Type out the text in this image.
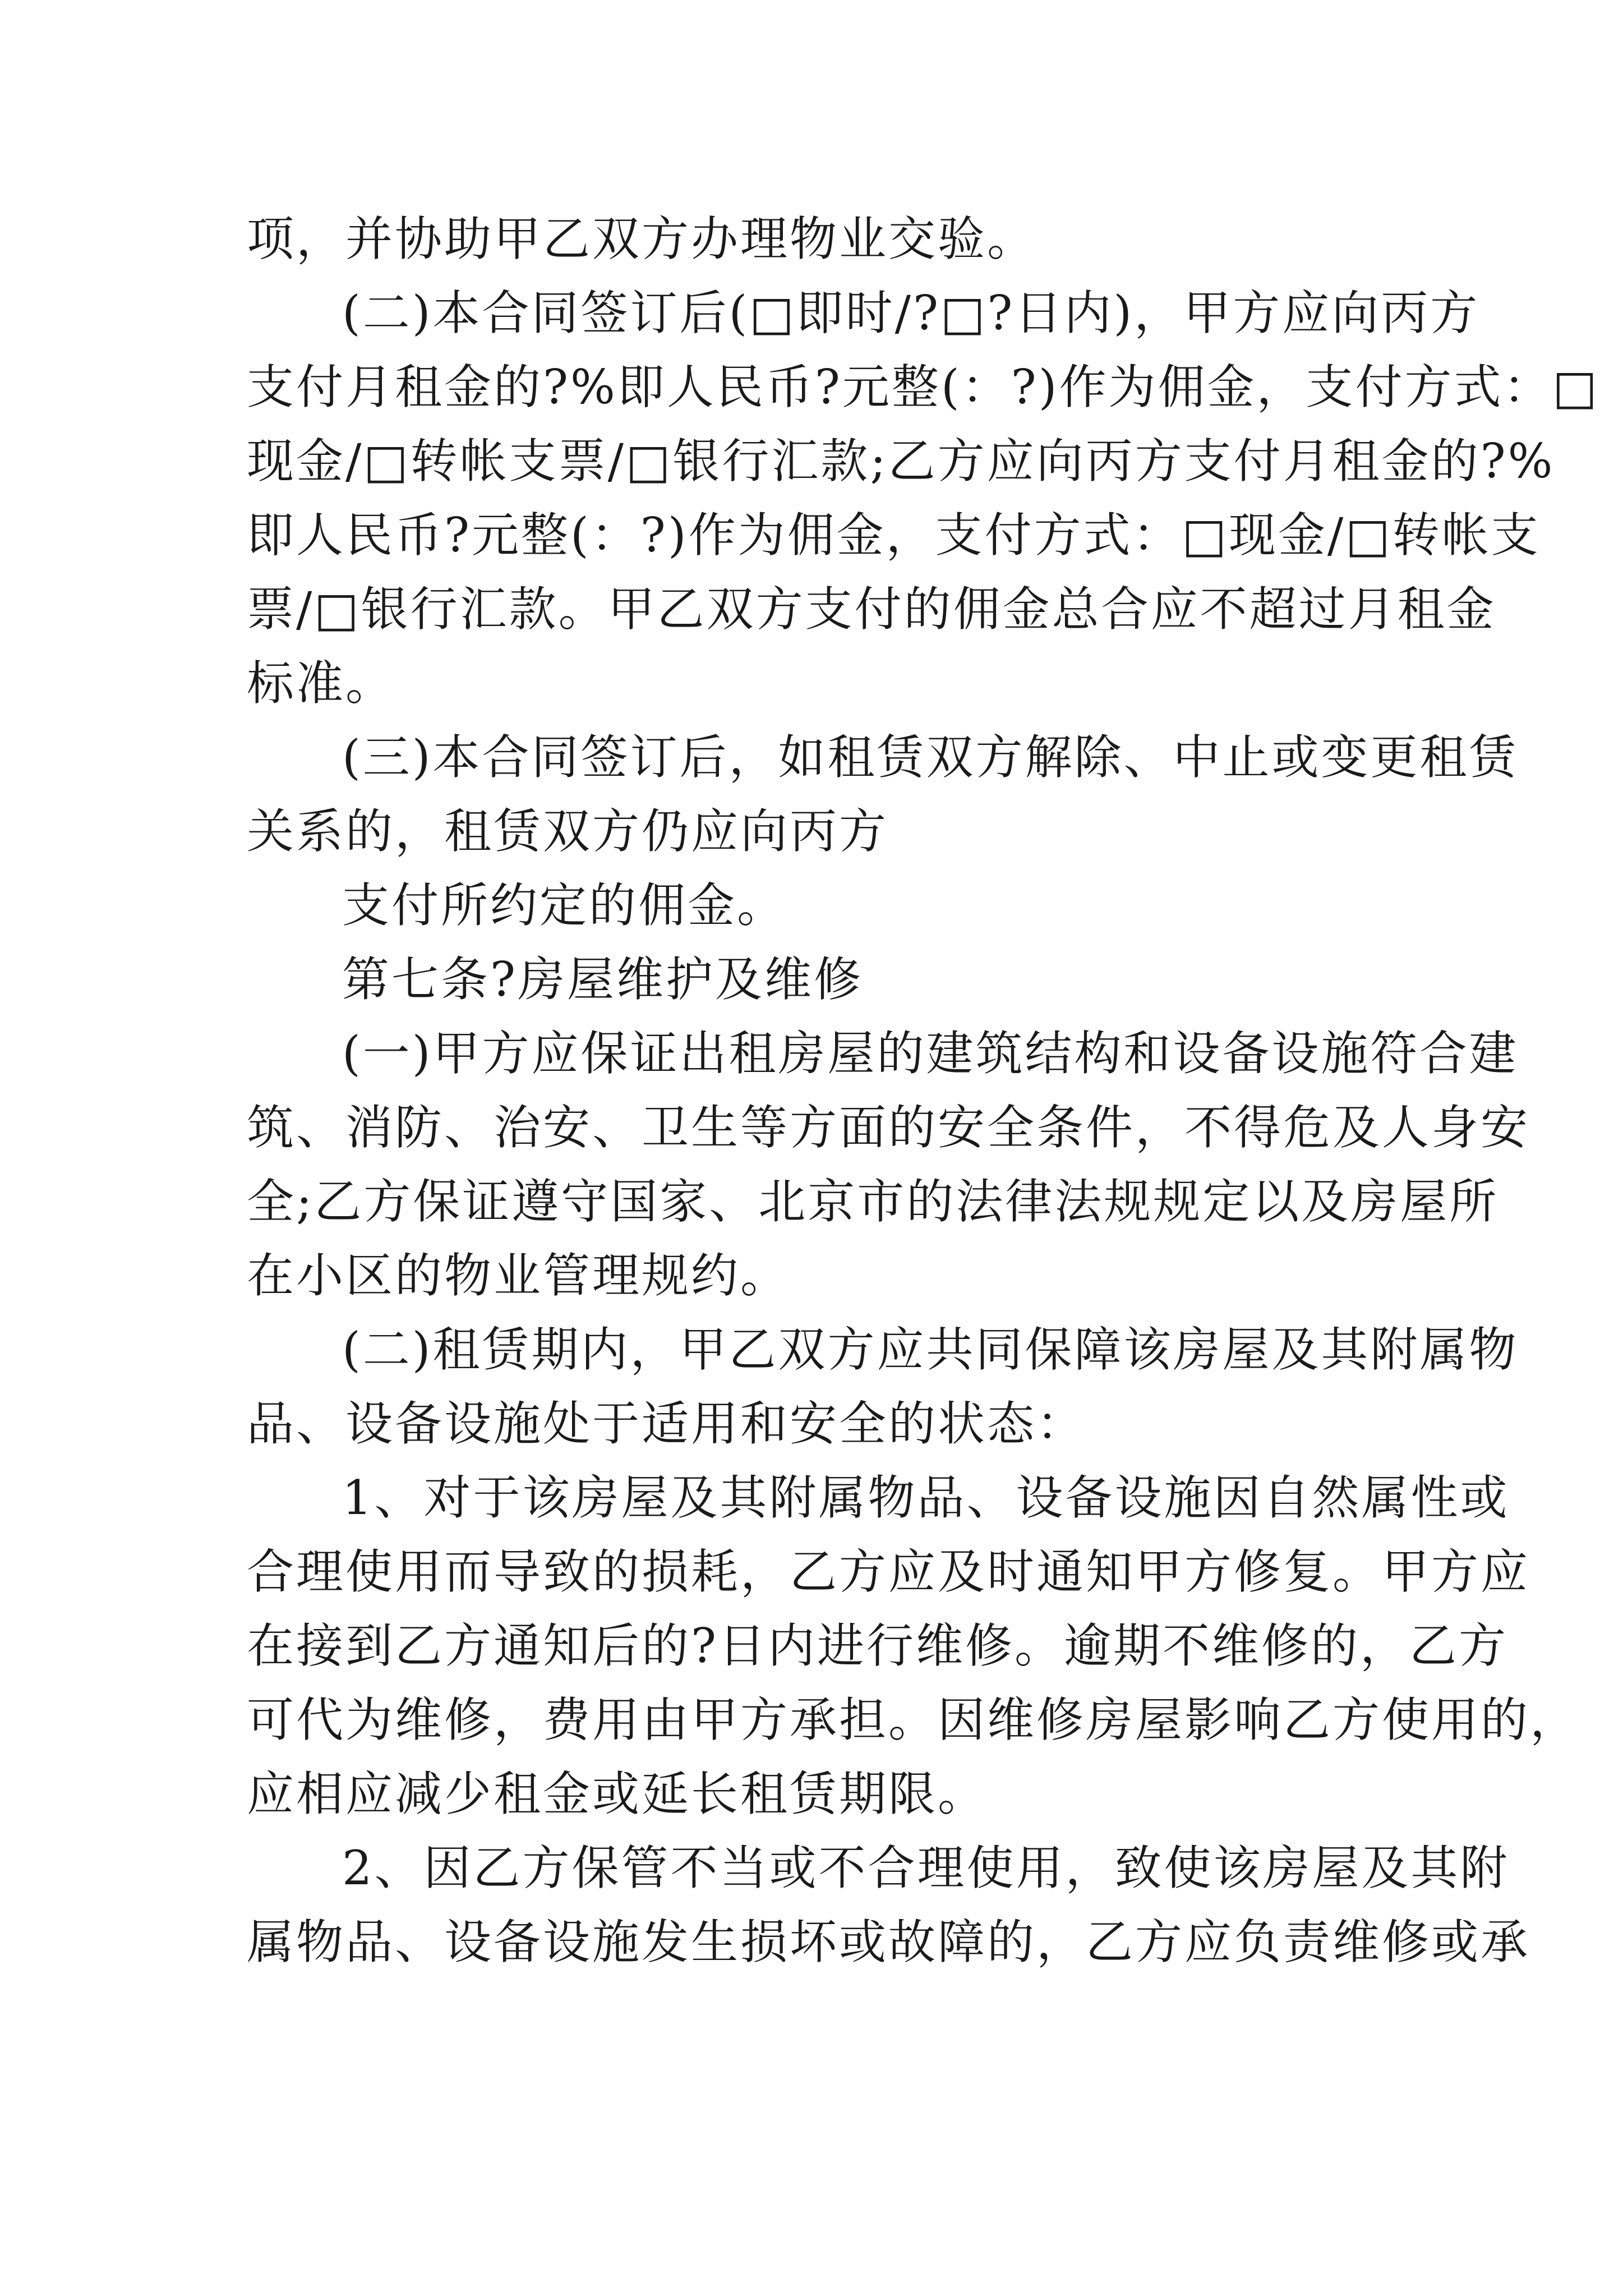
项，并协助甲乙双方办理物业交验。
(二)本合同签订后(□即时/?□?日内)，甲方应向丙方
支付月租金的?%即人民币?元整(：?)作为佣金，支付方式：□
现金/□转帐支票/□银行汇款;乙方应向丙方支付月租金的?%
即人民币?元整(：?)作为佣金，支付方式：□现金/□转帐支
票/□银行汇款。甲乙双方支付的佣金总合应不超过月租金
标准。
(三)本合同签订后，如租赁双方解除、中止或变更租赁
关系的，租赁双方仍应向丙方
支付所约定的佣金。
第七条?房屋维护及维修
(一)甲方应保证出租房屋的建筑结构和设备设施符合建
筑、消防、治安、卫生等方面的安全条件，不得危及人身安
全;乙方保证遵守国家、北京市的法律法规规定以及房屋所
在小区的物业管理规约。
(二)租赁期内，甲乙双方应共同保障该房屋及其附属物
品、设备设施处于适用和安全的状态：
1、对于该房屋及其附属物品、设备设施因自然属性或
合理使用而导致的损耗，乙方应及时通知甲方修复。甲方应
在接到乙方通知后的?日内进行维修。逾期不维修的，乙方
可代为维修，费用由甲方承担。因维修房屋影响乙方使用的，
应相应减少租金或延长租赁期限。
2、因乙方保管不当或不合理使用，致使该房屋及其附
属物品、设备设施发生损坏或故障的，乙方应负责维修或承
